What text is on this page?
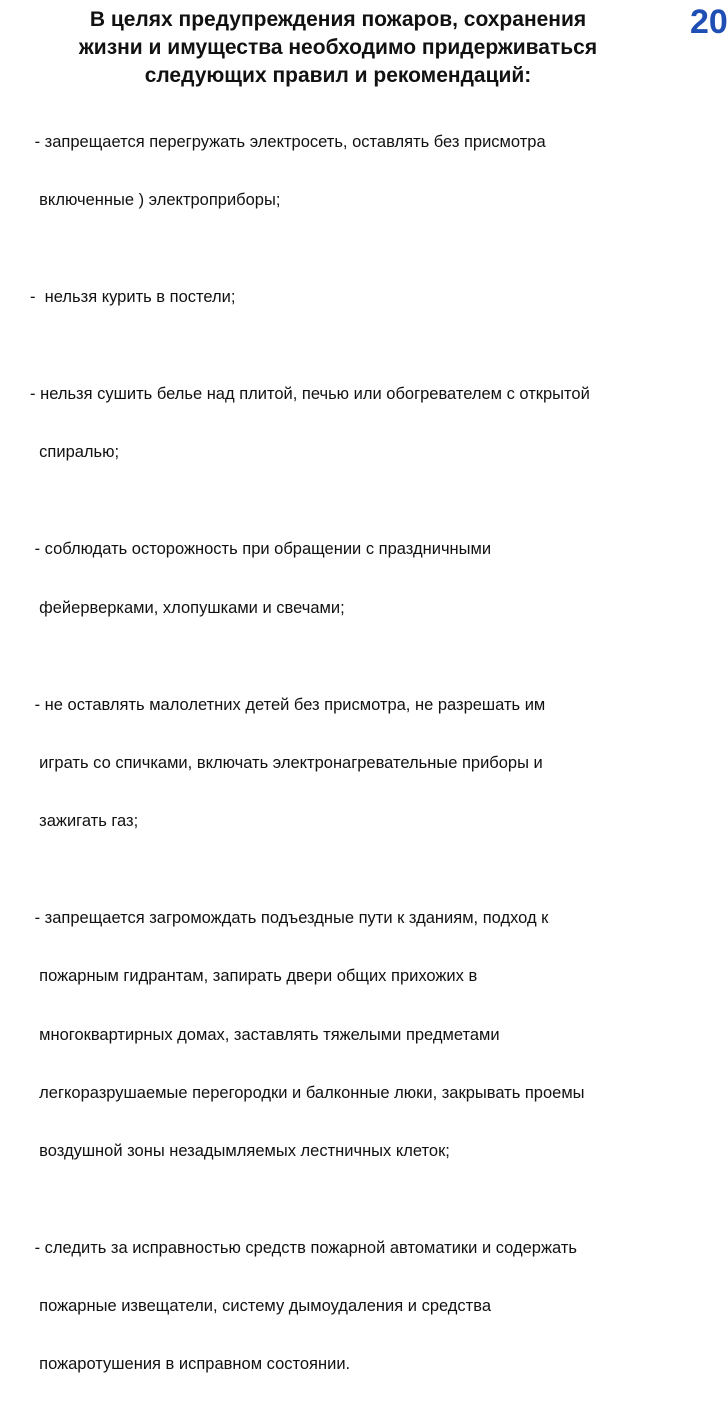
В целях предупреждения пожаров, сохранения
жизни и имущества необходимо придерживаться
следующих правил и рекомендаций:
20

- запрещается перегружать электросеть, оставлять без присмотра

включенные ) электроприборы;

-  нельзя курить в постели;

- нельзя сушить белье над плитой, печью или обогревателем с открытой

спиралью;

- соблюдать осторожность при обращении с праздничными

фейерверками, хлопушками и свечами;

- не оставлять малолетних детей без присмотра, не разрешать им

играть со спичками, включать электронагревательные приборы и

зажигать газ;

- запрещается загромождать подъездные пути к зданиям, подход к

пожарным гидрантам, запирать двери общих прихожих в

многоквартирных домах, заставлять тяжелыми предметами

легкоразрушаемые перегородки и балконные люки, закрывать проемы

воздушной зоны незадымляемых лестничных клеток;

- следить за исправностью средств пожарной автоматики и содержать

пожарные извещатели, систему дымоудаления и средства

пожаротушения в исправном состоянии.
